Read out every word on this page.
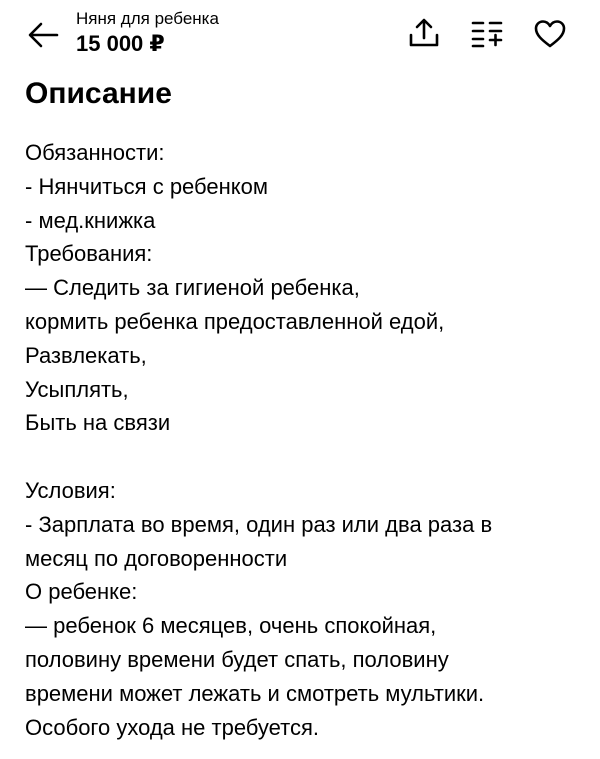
Няня для ребенка
15 000 ₽
Описание
Обязанности:
- Нянчиться с ребенком
- мед.книжка
Требования:
— Следить за гигиеной ребенка,
кормить ребенка предоставленной едой,
Развлекать,
Усыплять,
Быть на связи
Условия:
- Зарплата во время, один раз или два раза в
месяц по договоренности
О ребенке:
— ребенок 6 месяцев, очень спокойная,
половину времени будет спать, половину
времени может лежать и смотреть мультики.
Особого ухода не требуется.
